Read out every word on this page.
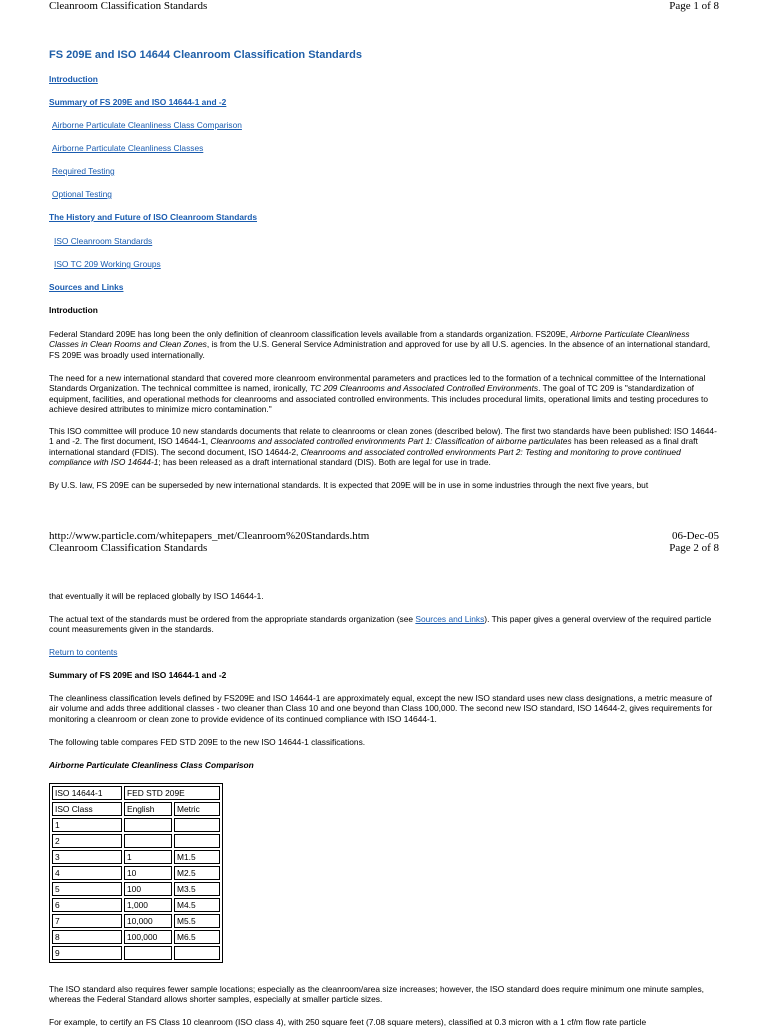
Cleanroom Classification Standards	Page 1 of 8
FS 209E and ISO 14644 Cleanroom Classification Standards
Introduction
Summary of FS 209E and ISO 14644-1 and -2
Airborne Particulate Cleanliness Class Comparison
Airborne Particulate Cleanliness Classes
Required Testing
Optional Testing
The History and Future of ISO Cleanroom Standards
ISO Cleanroom Standards
ISO TC 209 Working Groups
Sources and Links
Introduction
Federal Standard 209E has long been the only definition of cleanroom classification levels available from a standards organization. FS209E, Airborne Particulate Cleanliness Classes in Clean Rooms and Clean Zones, is from the U.S. General Service Administration and approved for use by all U.S. agencies. In the absence of an international standard, FS 209E was broadly used internationally.
The need for a new international standard that covered more cleanroom environmental parameters and practices led to the formation of a technical committee of the International Standards Organization. The technical committee is named, ironically, TC 209 Cleanrooms and Associated Controlled Environments. The goal of TC 209 is "standardization of equipment, facilities, and operational methods for cleanrooms and associated controlled environments. This includes procedural limits, operational limits and testing procedures to achieve desired attributes to minimize micro contamination."
This ISO committee will produce 10 new standards documents that relate to cleanrooms or clean zones (described below). The first two standards have been published: ISO 14644-1 and -2. The first document, ISO 14644-1, Cleanrooms and associated controlled environments Part 1: Classification of airborne particulates has been released as a final draft international standard (FDIS). The second document, ISO 14644-2, Cleanrooms and associated controlled environments Part 2: Testing and monitoring to prove continued compliance with ISO 14644-1; has been released as a draft international standard (DIS). Both are legal for use in trade.
By U.S. law, FS 209E can be superseded by new international standards. It is expected that 209E will be in use in some industries through the next five years, but
http://www.particle.com/whitepapers_met/Cleanroom%20Standards.htm	06-Dec-05
Cleanroom Classification Standards	Page 2 of 8
that eventually it will be replaced globally by ISO 14644-1.
The actual text of the standards must be ordered from the appropriate standards organization (see Sources and Links). This paper gives a general overview of the required particle count measurements given in the standards.
Return to contents
Summary of FS 209E and ISO 14644-1 and -2
The cleanliness classification levels defined by FS209E and ISO 14644-1 are approximately equal, except the new ISO standard uses new class designations, a metric measure of air volume and adds three additional classes - two cleaner than Class 10 and one beyond than Class 100,000. The second new ISO standard, ISO 14644-2, gives requirements for monitoring a cleanroom or clean zone to provide evidence of its continued compliance with ISO 14644-1.
The following table compares FED STD 209E to the new ISO 14644-1 classifications.
Airborne Particulate Cleanliness Class Comparison
ISO 14644-1	FED STD 209E	
ISO Class	English	Metric
1		
2		
3	1	M1.5
4	10	M2.5
5	100	M3.5
6	1,000	M4.5
7	10,000	M5.5
8	100,000	M6.5
9		
The ISO standard also requires fewer sample locations; especially as the cleanroom/area size increases; however, the ISO standard does require minimum one minute samples, whereas the Federal Standard allows shorter samples, especially at smaller particle sizes.
For example, to certify an FS Class 10 cleanroom (ISO class 4), with 250 square feet (7.08 square meters), classified at 0.3 micron with a 1 cf/m flow rate particle
